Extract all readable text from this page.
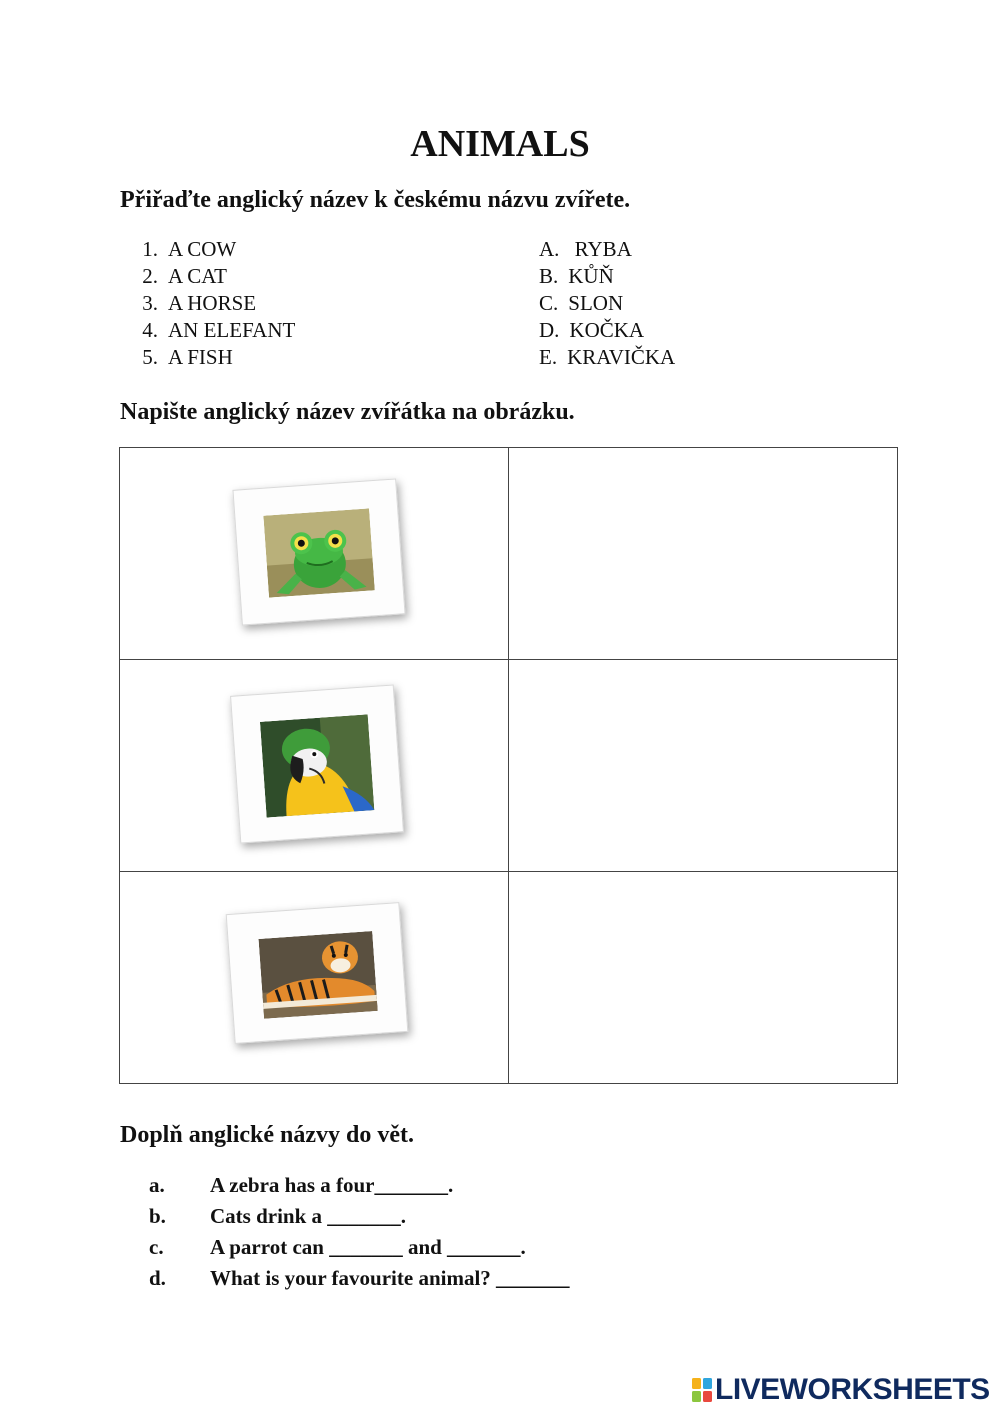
ANIMALS
Přiřaďte anglický název k českému názvu zvířete.
1. A COW
2. A CAT
3. A HORSE
4. AN ELEFANT
5. A FISH
A. RYBA
B. KŮŇ
C. SLON
D. KOČKA
E. KRAVIČKA
Napište anglický název zvířátka na obrázku.

Doplň anglické názvy do vět.
a. A zebra has a four_______.
b. Cats drink a _______.
c. A parrot can _______ and _______.
d. What is your favourite animal? _______
LIVEWORKSHEETS
